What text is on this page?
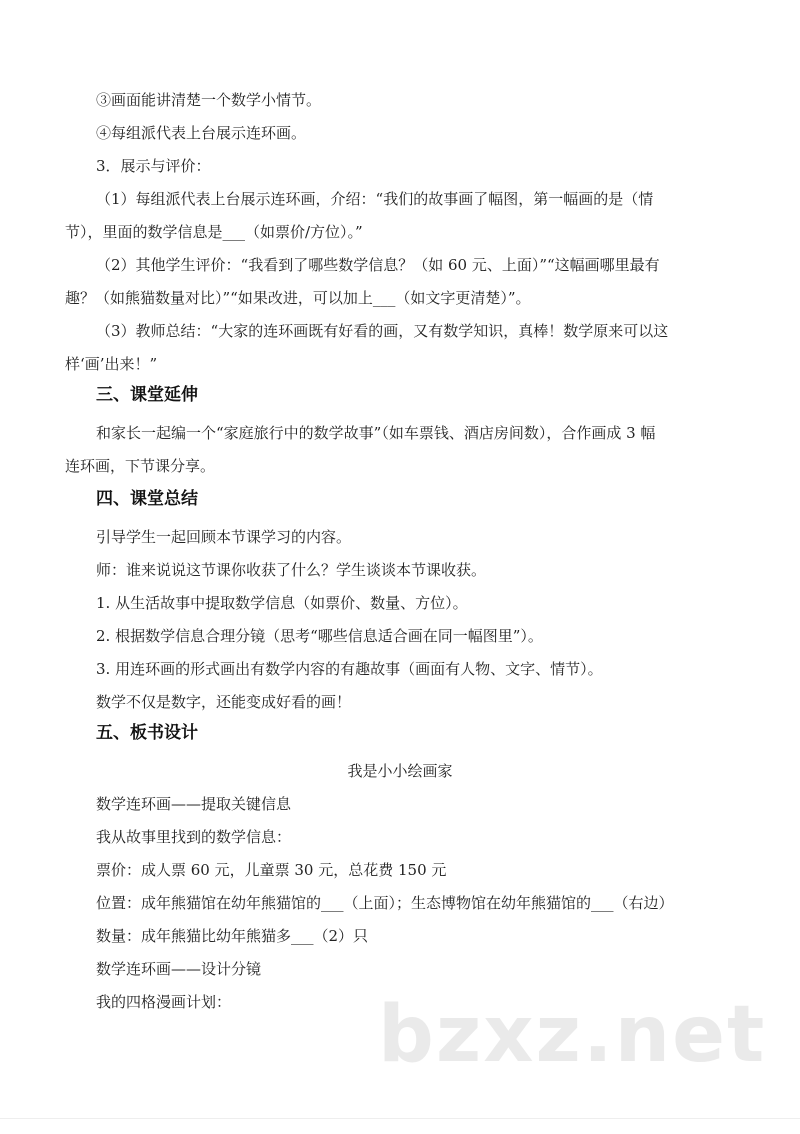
③画面能讲清楚一个数学小情节。
④每组派代表上台展示连环画。
3．展示与评价：
（1）每组派代表上台展示连环画，介绍：“我们的故事画了幅图，第一幅画的是（情
节），里面的数学信息是___（如票价/方位）。”
（2）其他学生评价：“我看到了哪些数学信息？（如 60 元、上面）”“这幅画哪里最有
趣？（如熊猫数量对比）”“如果改进，可以加上___（如文字更清楚）”。
（3）教师总结：“大家的连环画既有好看的画，又有数学知识，真棒！数学原来可以这
样‘画’出来！”
三、课堂延伸
和家长一起编一个“家庭旅行中的数学故事”（如车票钱、酒店房间数），合作画成 3 幅
连环画，下节课分享。
四、课堂总结
引导学生一起回顾本节课学习的内容。
师：谁来说说这节课你收获了什么？学生谈谈本节课收获。
1. 从生活故事中提取数学信息（如票价、数量、方位）。
2. 根据数学信息合理分镜（思考“哪些信息适合画在同一幅图里”）。
3. 用连环画的形式画出有数学内容的有趣故事（画面有人物、文字、情节）。
数学不仅是数字，还能变成好看的画！
五、板书设计
我是小小绘画家
数学连环画——提取关键信息
我从故事里找到的数学信息：
票价：成人票 60 元，儿童票 30 元，总花费 150 元
位置：成年熊猫馆在幼年熊猫馆的___（上面）；生态博物馆在幼年熊猫馆的___（右边）
数量：成年熊猫比幼年熊猫多___（2）只
数学连环画——设计分镜
我的四格漫画计划： bzxz.net
